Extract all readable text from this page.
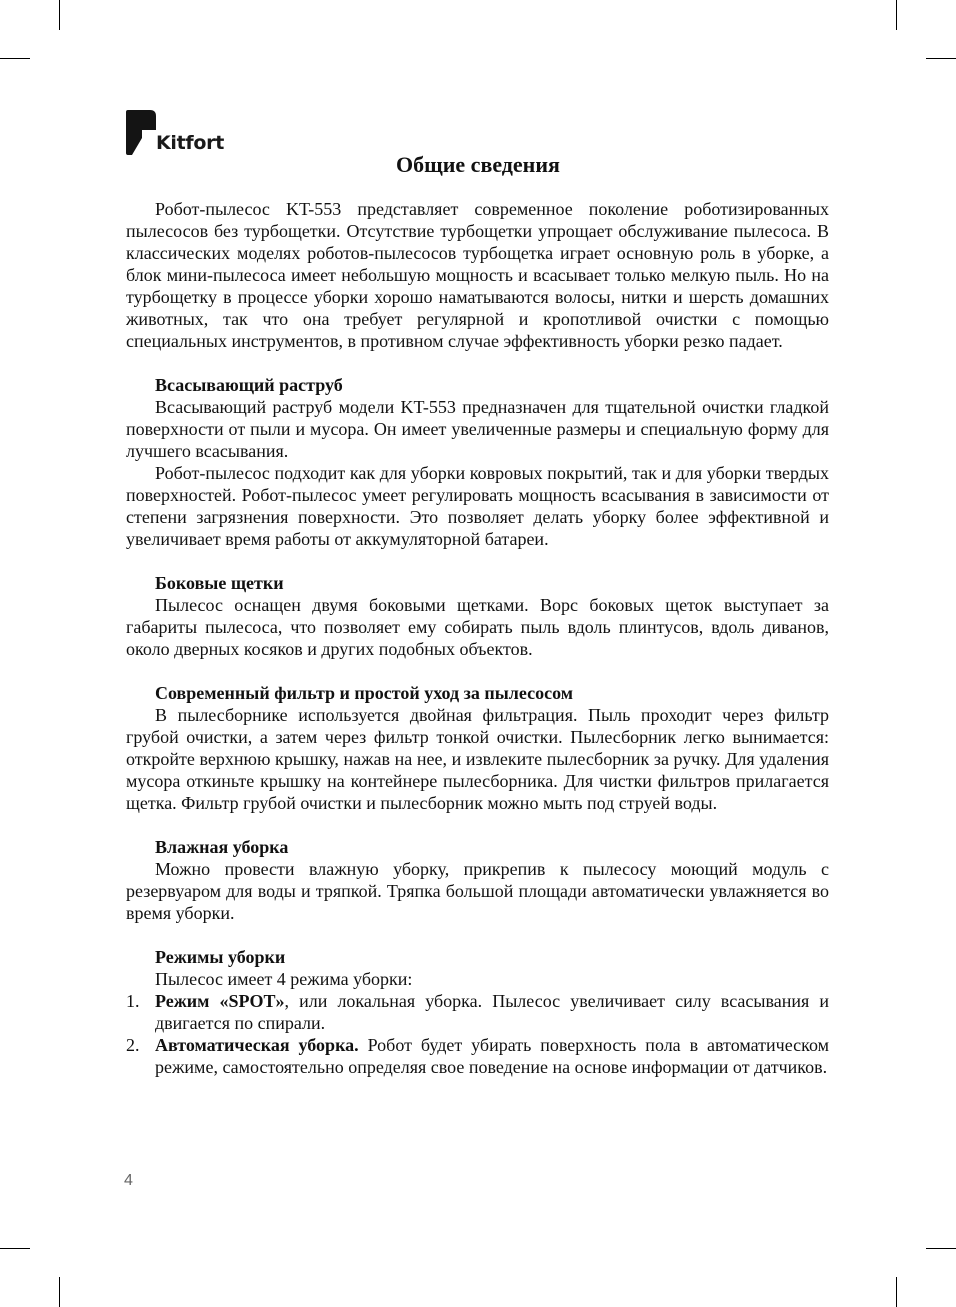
Kitfort
Общие сведения

Робот-пылесос KT-553 представляет современное поколение роботизированных пылесосов без турбощетки. Отсутствие турбощетки упрощает обслуживание пылесоса. В классических моделях роботов-пылесосов турбощетка играет основную роль в уборке, а блок мини-пылесоса имеет небольшую мощность и всасывает только мелкую пыль. Но на турбощетку в процессе уборки хорошо наматываются волосы, нитки и шерсть домашних животных, так что она требует регулярной и кропотливой очистки с помощью специальных инструментов, в противном случае эффективность уборки резко падает.

Всасывающий раструб

Всасывающий раструб модели KT-553 предназначен для тщательной очистки гладкой поверхности от пыли и мусора. Он имеет увеличенные размеры и специальную форму для лучшего всасывания.

Робот-пылесос подходит как для уборки ковровых покрытий, так и для уборки твердых поверхностей. Робот-пылесос умеет регулировать мощность всасывания в зависимости от степени загрязнения поверхности. Это позволяет делать уборку более эффективной и увеличивает время работы от аккумуляторной батареи.

Боковые щетки

Пылесос оснащен двумя боковыми щетками. Ворс боковых щеток выступает за габариты пылесоса, что позволяет ему собирать пыль вдоль плинтусов, вдоль диванов, около дверных косяков и других подобных объектов.

Современный фильтр и простой уход за пылесосом

В пылесборнике используется двойная фильтрация. Пыль проходит через фильтр грубой очистки, а затем через фильтр тонкой очистки. Пылесборник легко вынимается: откройте верхнюю крышку, нажав на нее, и извлеките пылесборник за ручку. Для удаления мусора откиньте крышку на контейнере пылесборника. Для чистки фильтров прилагается щетка. Фильтр грубой очистки и пылесборник можно мыть под струей воды.

Влажная уборка

Можно провести влажную уборку, прикрепив к пылесосу моющий модуль с резервуаром для воды и тряпкой. Тряпка большой площади автоматически увлажняется во время уборки.

Режимы уборки

Пылесос имеет 4 режима уборки:

1. Режим «SPOT», или локальная уборка. Пылесос увеличивает силу всасывания и двигается по спирали.
2. Автоматическая уборка. Робот будет убирать поверхность пола в автоматическом режиме, самостоятельно определяя свое поведение на основе информации от датчиков.
4
